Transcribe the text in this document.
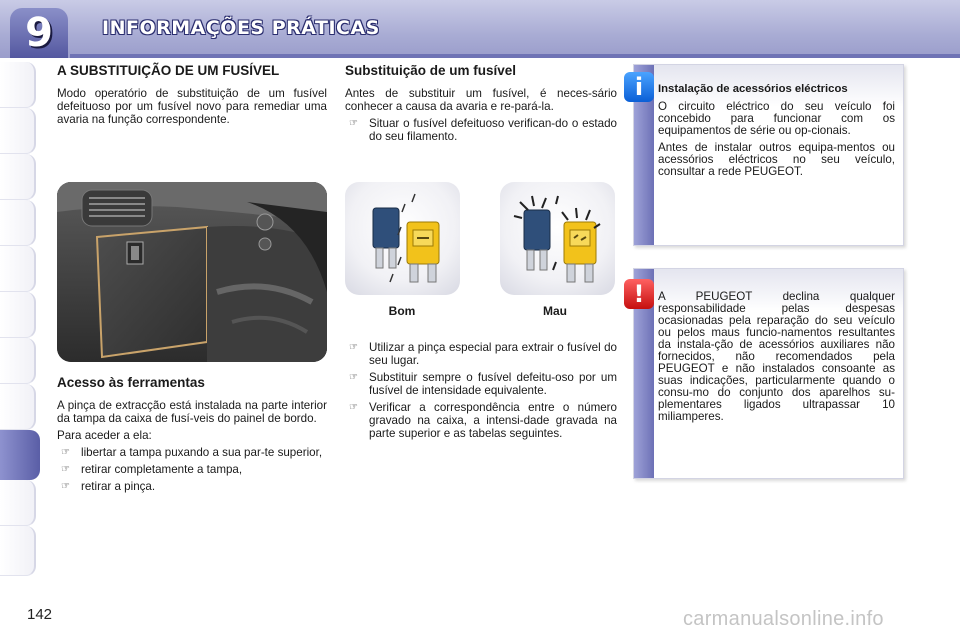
9	INFORMAÇÕES PRÁTICAS
A SUBSTITUIÇÃO DE UM FUSÍVEL

Modo operatório de substituição de um fusível defeituoso por um fusível novo para remediar uma avaria na função correspondente.

Acesso às ferramentas

A pinça de extracção está instalada na parte interior da tampa da caixa de fusí-veis do painel de bordo.

Para aceder a ela:

☞ libertar a tampa puxando a sua par-te superior,
☞ retirar completamente a tampa,
☞ retirar a pinça.
Substituição de um fusível

Antes de substituir um fusível, é neces-sário conhecer a causa da avaria e re-pará-la.

☞ Situar o fusível defeituoso verifican-do o estado do seu filamento.
Bom	Mau
☞ Utilizar a pinça especial para extrair o fusível do seu lugar.
☞ Substituir sempre o fusível defeitu-oso por um fusível de intensidade equivalente.
☞ Verificar a correspondência entre o número gravado na caixa, a intensi-dade gravada na parte superior e as tabelas seguintes.
Instalação de acessórios eléctricos

O circuito eléctrico do seu veículo foi concebido para funcionar com os equipamentos de série ou op-cionais.

Antes de instalar outros equipa-mentos ou acessórios eléctricos no seu veículo, consultar a rede PEUGEOT.

i

A PEUGEOT declina qualquer responsabilidade pelas despesas ocasionadas pela reparação do seu veículo ou pelos maus funcio-namentos resultantes da instala-ção de acessórios auxiliares não fornecidos, não recomendados pela PEUGEOT e não instalados consoante as suas indicações, particularmente quando o consu-mo do conjunto dos aparelhos su-plementares ligados ultrapassar 10 miliamperes.

!
142	carmanualsonline.info
